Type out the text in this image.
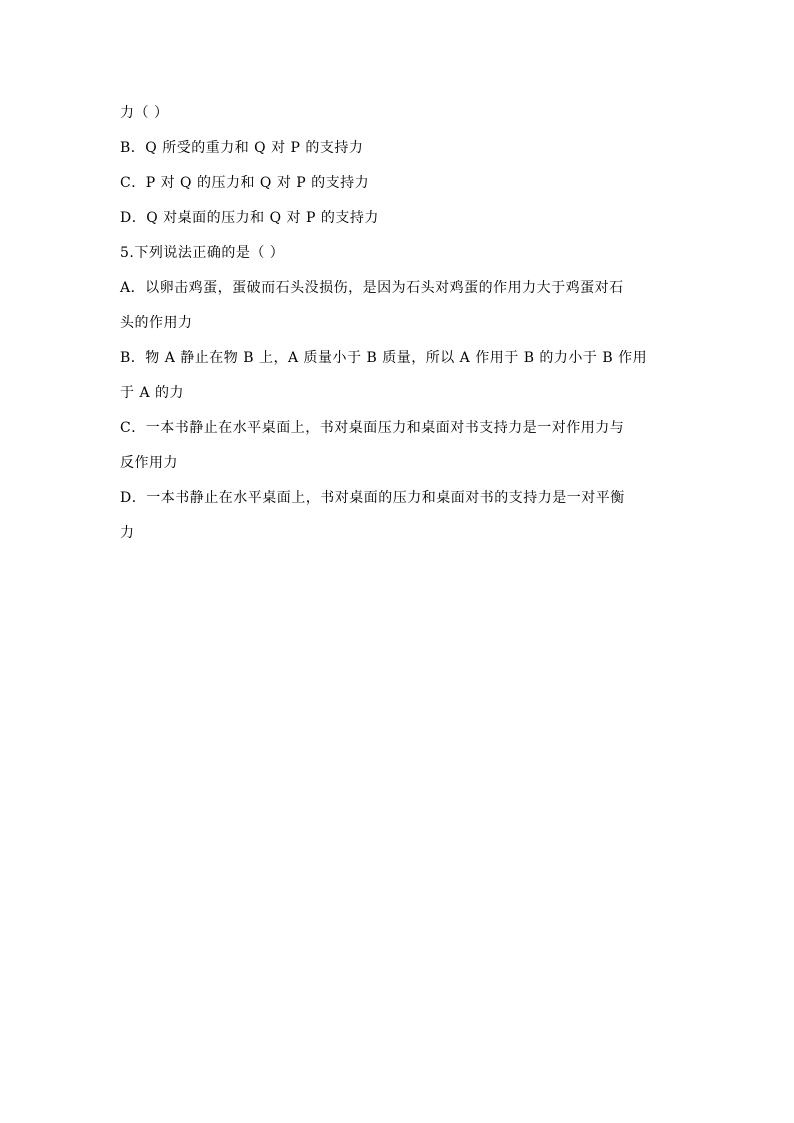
力（ ）
B．Q 所受的重力和 Q 对 P 的支持力
C．P 对 Q 的压力和 Q 对 P 的支持力
D．Q 对桌面的压力和 Q 对 P 的支持力
5.下列说法正确的是（ ）
A．以卵击鸡蛋，蛋破而石头没损伤，是因为石头对鸡蛋的作用力大于鸡蛋对石
头的作用力
B．物 A 静止在物 B 上，A 质量小于 B 质量，所以 A 作用于 B 的力小于 B 作用
于 A 的力
C．一本书静止在水平桌面上，书对桌面压力和桌面对书支持力是一对作用力与
反作用力
D．一本书静止在水平桌面上，书对桌面的压力和桌面对书的支持力是一对平衡
力
